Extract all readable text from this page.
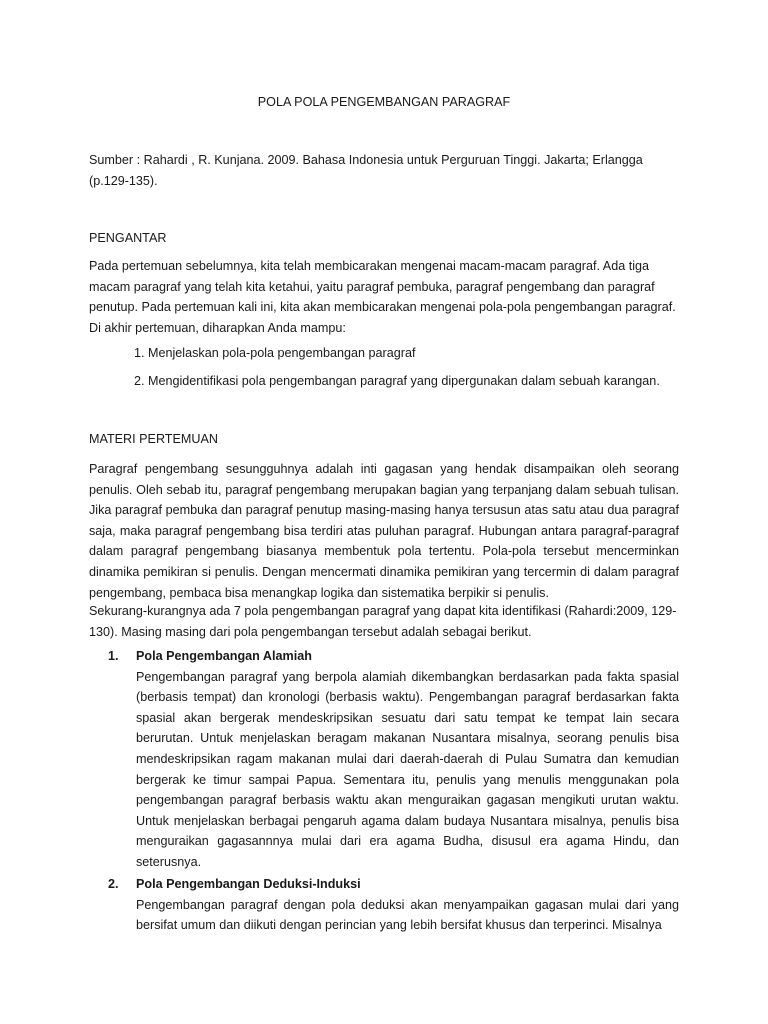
POLA POLA PENGEMBANGAN PARAGRAF

Sumber : Rahardi , R. Kunjana. 2009. Bahasa Indonesia untuk Perguruan Tinggi. Jakarta; Erlangga (p.129-135).

PENGANTAR

Pada pertemuan sebelumnya, kita telah membicarakan mengenai macam-macam paragraf. Ada tiga macam paragraf yang telah kita ketahui, yaitu paragraf pembuka, paragraf pengembang dan paragraf penutup. Pada pertemuan kali ini, kita akan membicarakan mengenai pola-pola pengembangan paragraf. Di akhir pertemuan, diharapkan Anda mampu:

1. Menjelaskan pola-pola pengembangan paragraf
2. Mengidentifikasi pola pengembangan paragraf yang dipergunakan dalam sebuah karangan.
MATERI PERTEMUAN

Paragraf pengembang sesungguhnya adalah inti gagasan yang hendak disampaikan oleh seorang penulis. Oleh sebab itu, paragraf pengembang merupakan bagian yang terpanjang dalam sebuah tulisan. Jika paragraf pembuka dan paragraf penutup masing-masing hanya tersusun atas satu atau dua paragraf saja, maka paragraf pengembang bisa terdiri atas puluhan paragraf. Hubungan antara paragraf-paragraf dalam paragraf pengembang biasanya membentuk pola tertentu. Pola-pola tersebut mencerminkan dinamika pemikiran si penulis. Dengan mencermati dinamika pemikiran yang tercermin di dalam paragraf pengembang, pembaca bisa menangkap logika dan sistematika berpikir si penulis.

Sekurang-kurangnya ada 7 pola pengembangan paragraf yang dapat kita identifikasi (Rahardi:2009, 129-130). Masing masing dari pola pengembangan tersebut adalah sebagai berikut.

1. Pola Pengembangan Alamiah

Pengembangan paragraf yang berpola alamiah dikembangkan berdasarkan pada fakta spasial (berbasis tempat) dan kronologi (berbasis waktu). Pengembangan paragraf berdasarkan fakta spasial akan bergerak mendeskripsikan sesuatu dari satu tempat ke tempat lain secara berurutan. Untuk menjelaskan beragam makanan Nusantara misalnya, seorang penulis bisa mendeskripsikan ragam makanan mulai dari daerah-daerah di Pulau Sumatra dan kemudian bergerak ke timur sampai Papua. Sementara itu, penulis yang menulis menggunakan pola pengembangan paragraf berbasis waktu akan menguraikan gagasan mengikuti urutan waktu. Untuk menjelaskan berbagai pengaruh agama dalam budaya Nusantara misalnya, penulis bisa menguraikan gagasannnya mulai dari era agama Budha, disusul era agama Hindu, dan seterusnya.

2. Pola Pengembangan Deduksi-Induksi

Pengembangan paragraf dengan pola deduksi akan menyampaikan gagasan mulai dari yang bersifat umum dan diikuti dengan perincian yang lebih bersifat khusus dan terperinci. Misalnya
